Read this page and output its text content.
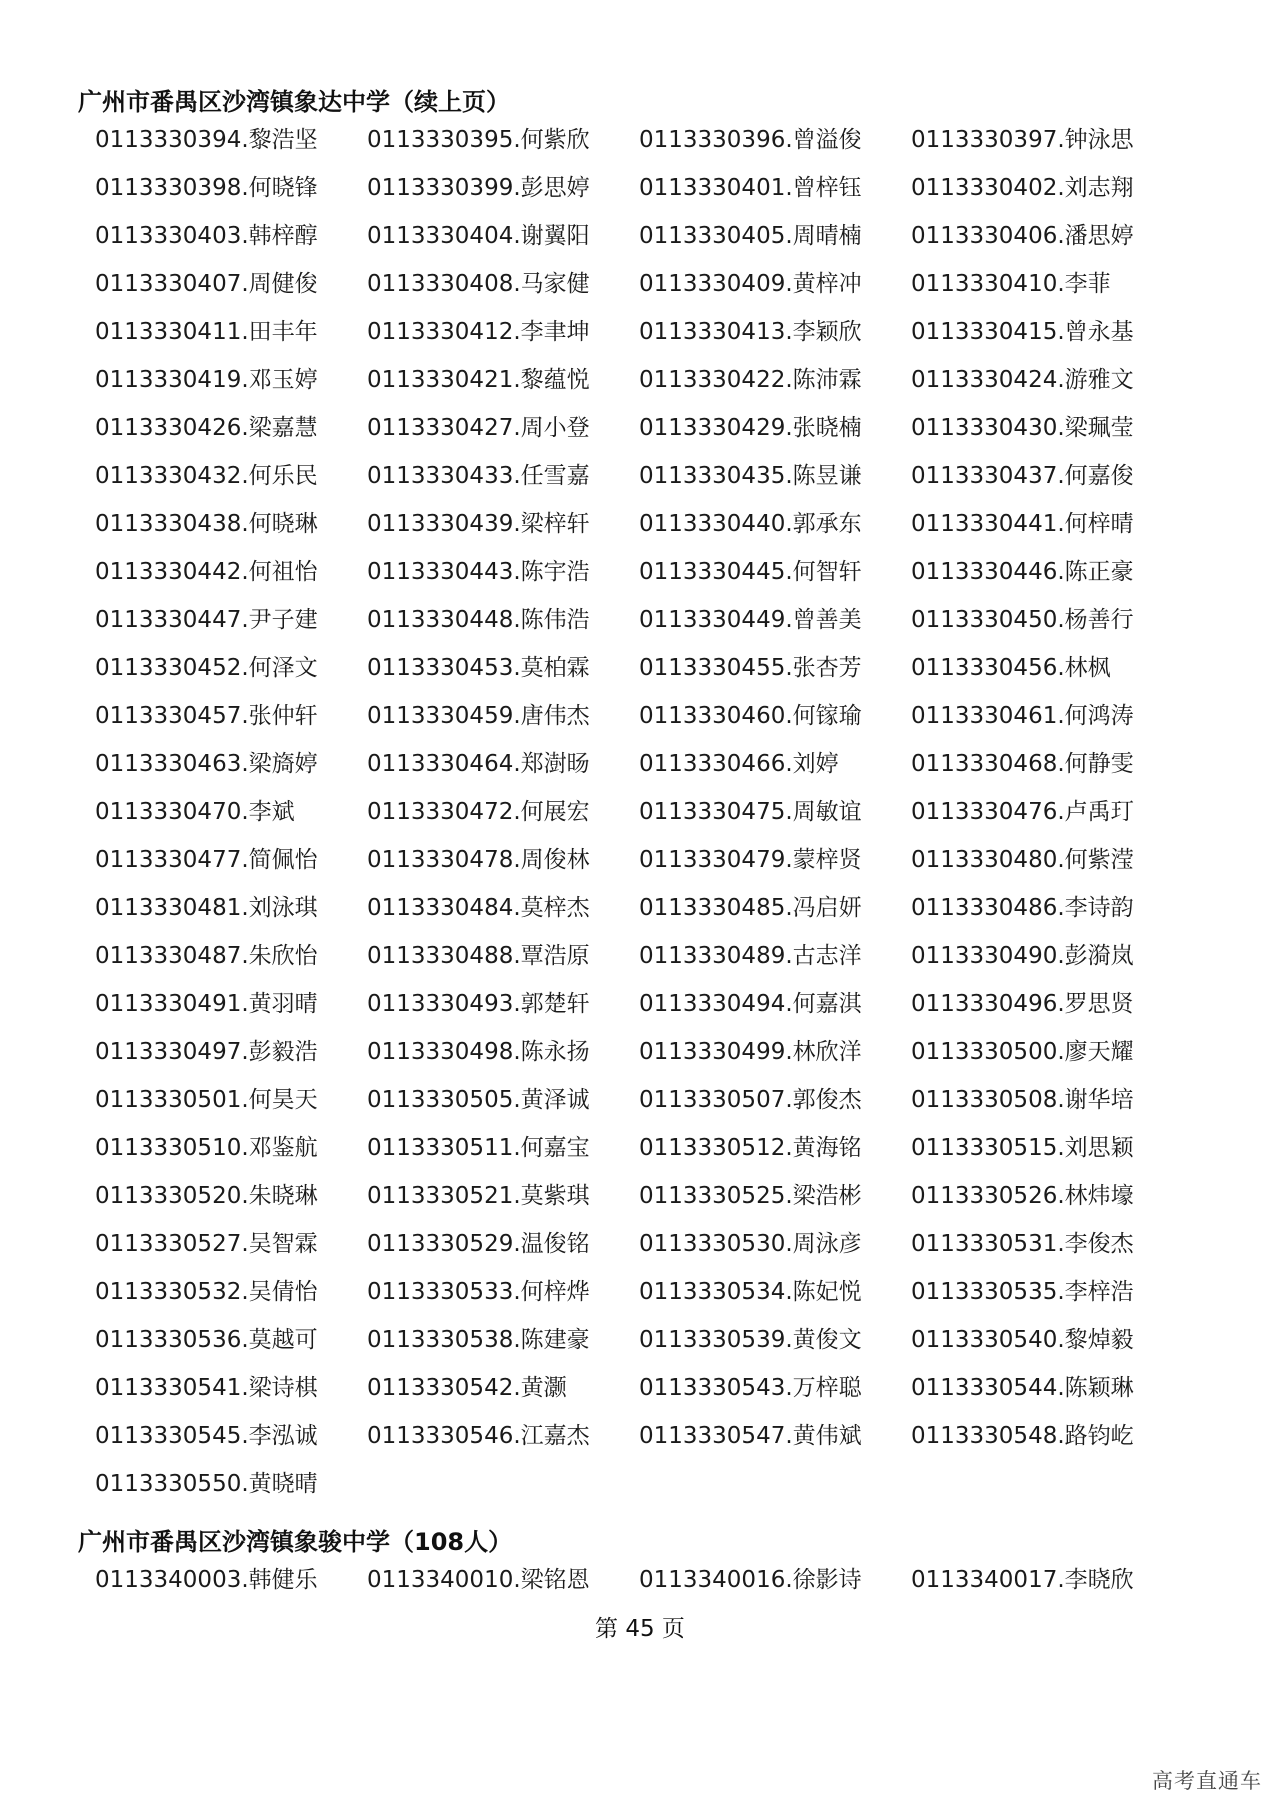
广州市番禺区沙湾镇象达中学（续上页）
0113330394.黎浩坚	0113330395.何紫欣	0113330396.曾溢俊	0113330397.钟泳思
0113330398.何晓锋	0113330399.彭思婷	0113330401.曾梓钰	0113330402.刘志翔
0113330403.韩梓醇	0113330404.谢翼阳	0113330405.周晴楠	0113330406.潘思婷
0113330407.周健俊	0113330408.马家健	0113330409.黄梓冲	0113330410.李菲
0113330411.田丰年	0113330412.李聿坤	0113330413.李颖欣	0113330415.曾永基
0113330419.邓玉婷	0113330421.黎蕴悦	0113330422.陈沛霖	0113330424.游雅文
0113330426.梁嘉慧	0113330427.周小登	0113330429.张晓楠	0113330430.梁珮莹
0113330432.何乐民	0113330433.任雪嘉	0113330435.陈昱谦	0113330437.何嘉俊
0113330438.何晓琳	0113330439.梁梓轩	0113330440.郭承东	0113330441.何梓晴
0113330442.何祖怡	0113330443.陈宇浩	0113330445.何智轩	0113330446.陈正豪
0113330447.尹子建	0113330448.陈伟浩	0113330449.曾善美	0113330450.杨善行
0113330452.何泽文	0113330453.莫柏霖	0113330455.张杏芳	0113330456.林枫
0113330457.张仲轩	0113330459.唐伟杰	0113330460.何镓瑜	0113330461.何鸿涛
0113330463.梁旖婷	0113330464.郑澍旸	0113330466.刘婷	0113330468.何静雯
0113330470.李斌	0113330472.何展宏	0113330475.周敏谊	0113330476.卢禹玎
0113330477.简佩怡	0113330478.周俊林	0113330479.蒙梓贤	0113330480.何紫滢
0113330481.刘泳琪	0113330484.莫梓杰	0113330485.冯启妍	0113330486.李诗韵
0113330487.朱欣怡	0113330488.覃浩原	0113330489.古志洋	0113330490.彭漪岚
0113330491.黄羽晴	0113330493.郭楚轩	0113330494.何嘉淇	0113330496.罗思贤
0113330497.彭毅浩	0113330498.陈永扬	0113330499.林欣洋	0113330500.廖天耀
0113330501.何昊天	0113330505.黄泽诚	0113330507.郭俊杰	0113330508.谢华培
0113330510.邓鉴航	0113330511.何嘉宝	0113330512.黄海铭	0113330515.刘思颖
0113330520.朱晓琳	0113330521.莫紫琪	0113330525.梁浩彬	0113330526.林炜壕
0113330527.吴智霖	0113330529.温俊铭	0113330530.周泳彦	0113330531.李俊杰
0113330532.吴倩怡	0113330533.何梓烨	0113330534.陈妃悦	0113330535.李梓浩
0113330536.莫越可	0113330538.陈建豪	0113330539.黄俊文	0113330540.黎焯毅
0113330541.梁诗棋	0113330542.黄灏	0113330543.万梓聪	0113330544.陈颖琳
0113330545.李泓诚	0113330546.江嘉杰	0113330547.黄伟斌	0113330548.路钧屹
0113330550.黄晓晴
广州市番禺区沙湾镇象骏中学（108人）
0113340003.韩健乐	0113340010.梁铭恩	0113340016.徐影诗	0113340017.李晓欣
第 45 页
高考直通车
